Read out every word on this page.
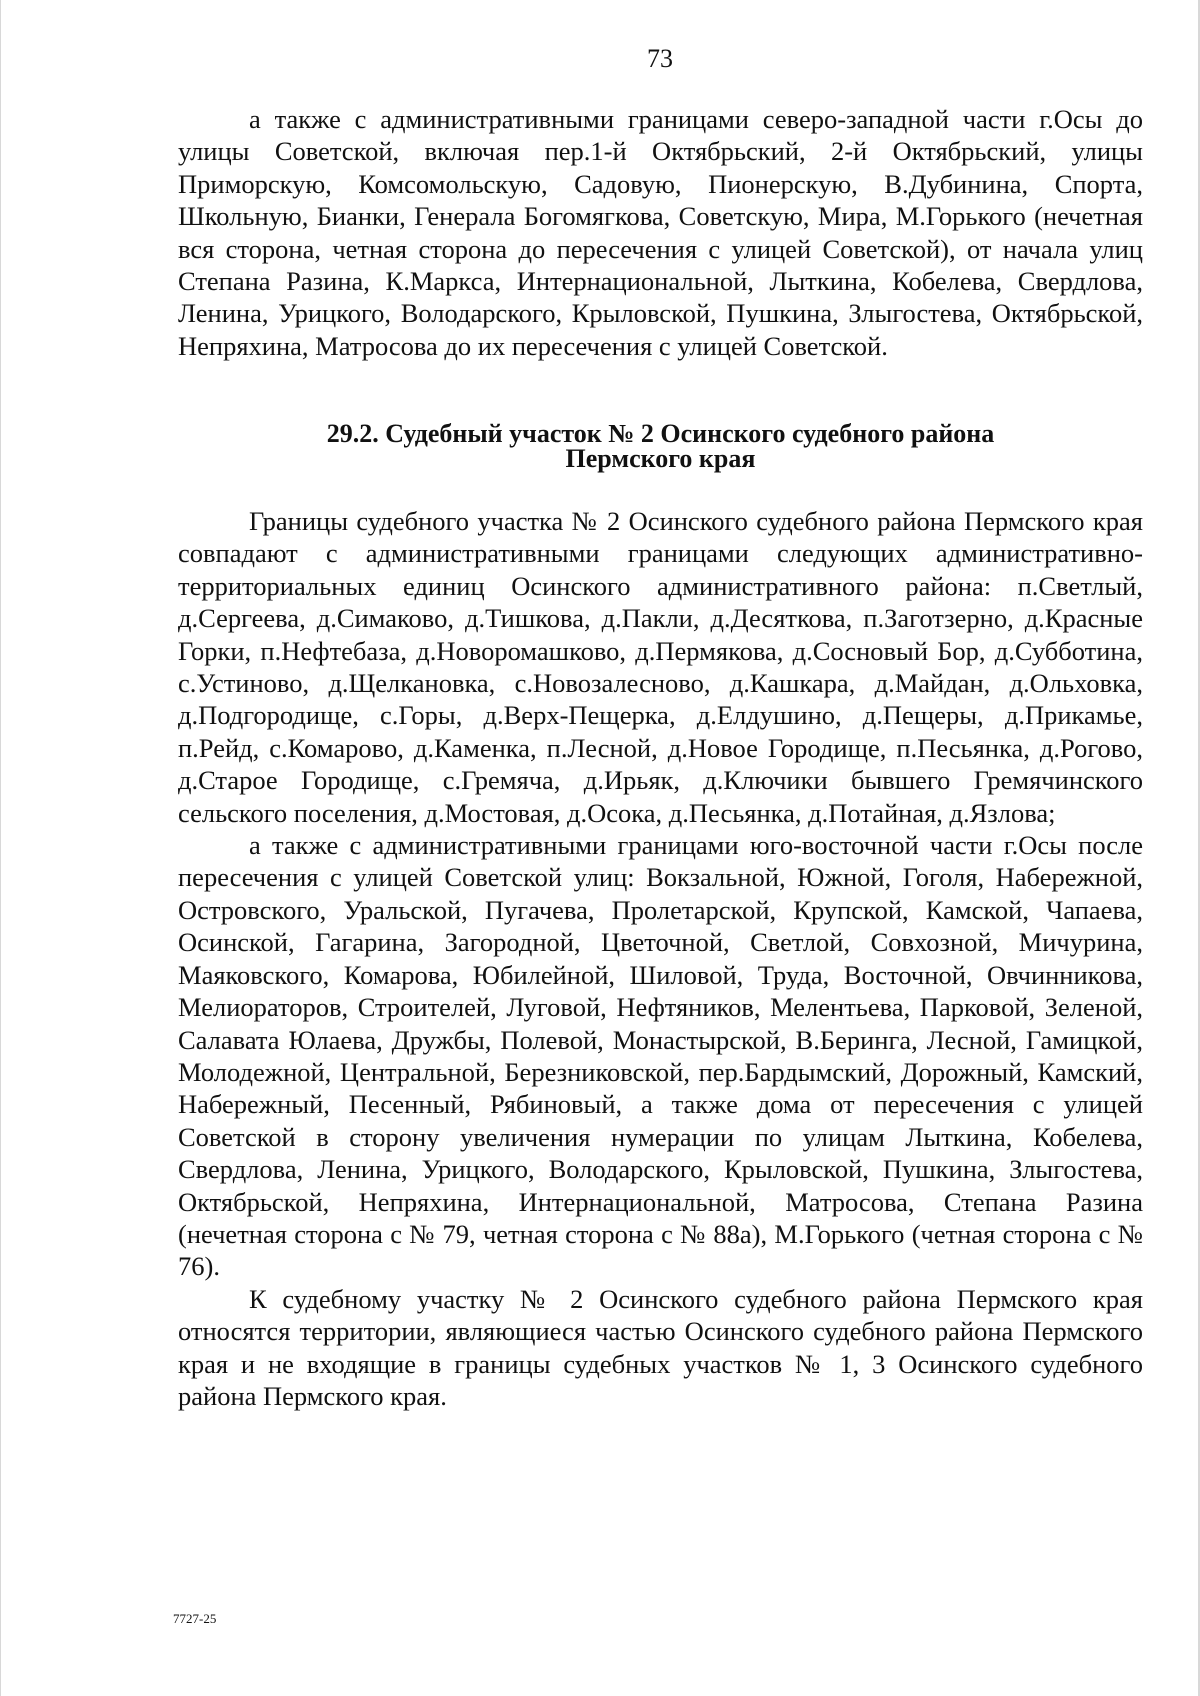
73

а также с административными границами северо-западной части г.Осы до улицы Советской, включая пер.1-й Октябрьский, 2-й Октябрьский, улицы Приморскую, Комсомольскую, Садовую, Пионерскую, В.Дубинина, Спорта, Школьную, Бианки, Генерала Богомягкова, Советскую, Мира, М.Горького (нечетная вся сторона, четная сторона до пересечения с улицей Советской), от начала улиц Степана Разина, К.Маркса, Интернациональной, Лыткина, Кобелева, Свердлова, Ленина, Урицкого, Володарского, Крыловской, Пушкина, Злыгостева, Октябрьской, Непряхина, Матросова до их пересечения с улицей Советской.

29.2. Судебный участок № 2 Осинского судебного района
Пермского края

Границы судебного участка № 2 Осинского судебного района Пермского края совпадают с административными границами следующих административно-территориальных единиц Осинского административного района: п.Светлый, д.Сергеева, д.Симаково, д.Тишкова, д.Пакли, д.Десяткова, п.Заготзерно, д.Красные Горки, п.Нефтебаза, д.Новоромашково, д.Пермякова, д.Сосновый Бор, д.Субботина, с.Устиново, д.Щелкановка, с.Новозалесново, д.Кашкара, д.Майдан, д.Ольховка, д.Подгородище, с.Горы, д.Верх-Пещерка, д.Елдушино, д.Пещеры, д.Прикамье, п.Рейд, с.Комарово, д.Каменка, п.Лесной, д.Новое Городище, п.Песьянка, д.Рогово, д.Старое Городище, с.Гремяча, д.Ирьяк, д.Ключики бывшего Гремячинского сельского поселения, д.Мостовая, д.Осока, д.Песьянка, д.Потайная, д.Язлова;

а также с административными границами юго-восточной части г.Осы после пересечения с улицей Советской улиц: Вокзальной, Южной, Гоголя, Набережной, Островского, Уральской, Пугачева, Пролетарской, Крупской, Камской, Чапаева, Осинской, Гагарина, Загородной, Цветочной, Светлой, Совхозной, Мичурина, Маяковского, Комарова, Юбилейной, Шиловой, Труда, Восточной, Овчинникова, Мелиораторов, Строителей, Луговой, Нефтяников, Мелентьева, Парковой, Зеленой, Салавата Юлаева, Дружбы, Полевой, Монастырской, В.Беринга, Лесной, Гамицкой, Молодежной, Центральной, Березниковской, пер.Бардымский, Дорожный, Камский, Набережный, Песенный, Рябиновый, а также дома от пересечения с улицей Советской в сторону увеличения нумерации по улицам Лыткина, Кобелева, Свердлова, Ленина, Урицкого, Володарского, Крыловской, Пушкина, Злыгостева, Октябрьской, Непряхина, Интернациональной, Матросова, Степана Разина (нечетная сторона с № 79, четная сторона с № 88а), М.Горького (четная сторона с № 76).

К судебному участку № 2 Осинского судебного района Пермского края относятся территории, являющиеся частью Осинского судебного района Пермского края и не входящие в границы судебных участков № 1, 3 Осинского судебного района Пермского края.

7727-25
